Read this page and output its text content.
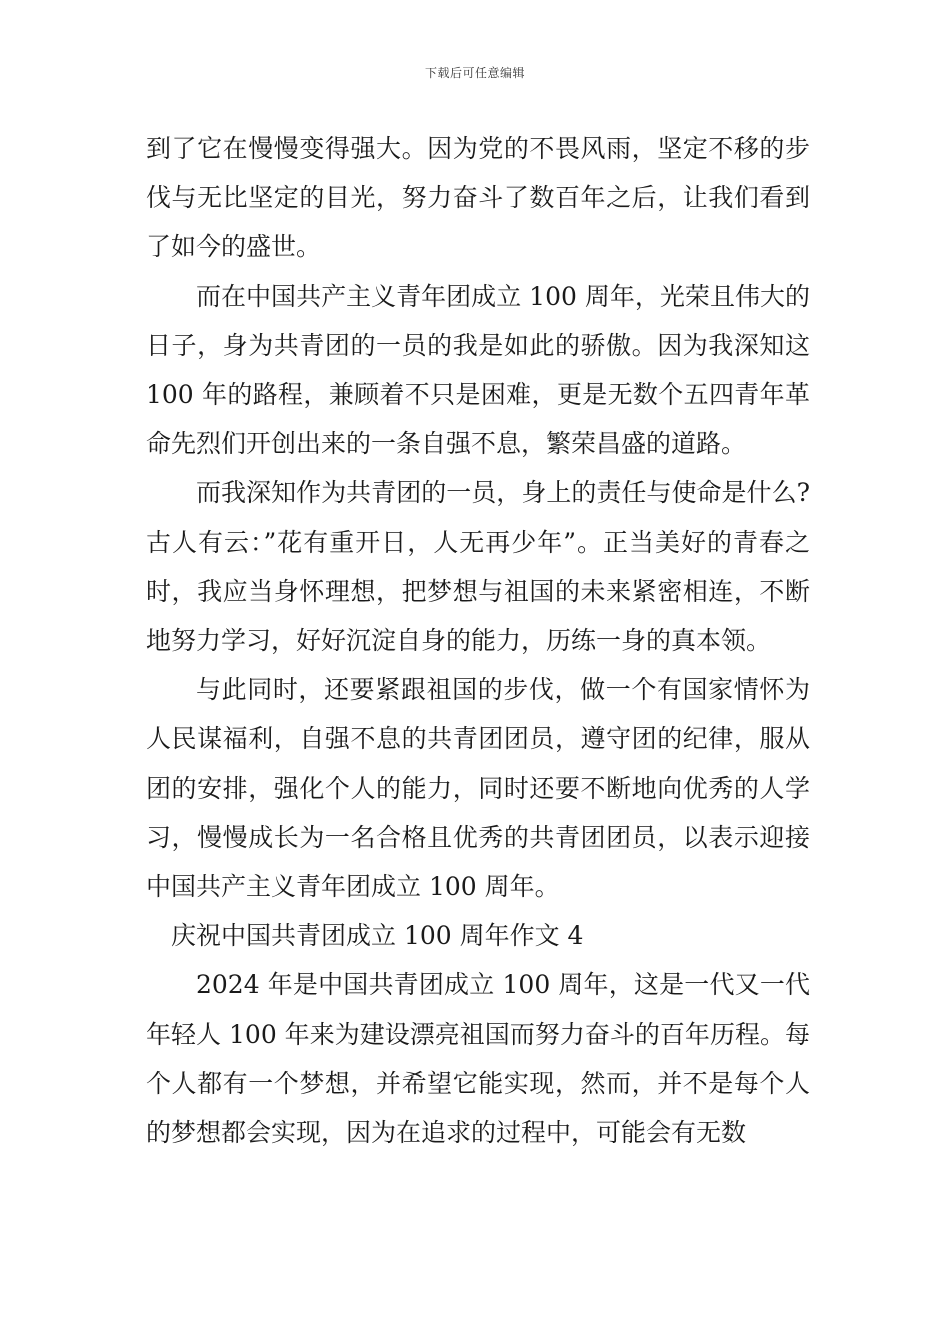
下载后可任意编辑

到了它在慢慢变得强大。因为党的不畏风雨，坚定不移的步伐与无比坚定的目光，努力奋斗了数百年之后，让我们看到了如今的盛世。

而在中国共产主义青年团成立 100 周年，光荣且伟大的日子，身为共青团的一员的我是如此的骄傲。因为我深知这 100 年的路程，兼顾着不只是困难，更是无数个五四青年革命先烈们开创出来的一条自强不息，繁荣昌盛的道路。

而我深知作为共青团的一员，身上的责任与使命是什么?古人有云：”花有重开日，人无再少年”。正当美好的青春之时，我应当身怀理想，把梦想与祖国的未来紧密相连，不断地努力学习，好好沉淀自身的能力，历练一身的真本领。

与此同时，还要紧跟祖国的步伐，做一个有国家情怀为人民谋福利，自强不息的共青团团员，遵守团的纪律，服从团的安排，强化个人的能力，同时还要不断地向优秀的人学习，慢慢成长为一名合格且优秀的共青团团员，以表示迎接中国共产主义青年团成立 100 周年。

庆祝中国共青团成立 100 周年作文 4

2024 年是中国共青团成立 100 周年，这是一代又一代年轻人 100 年来为建设漂亮祖国而努力奋斗的百年历程。每个人都有一个梦想，并希望它能实现，然而，并不是每个人的梦想都会实现，因为在追求的过程中，可能会有无数
